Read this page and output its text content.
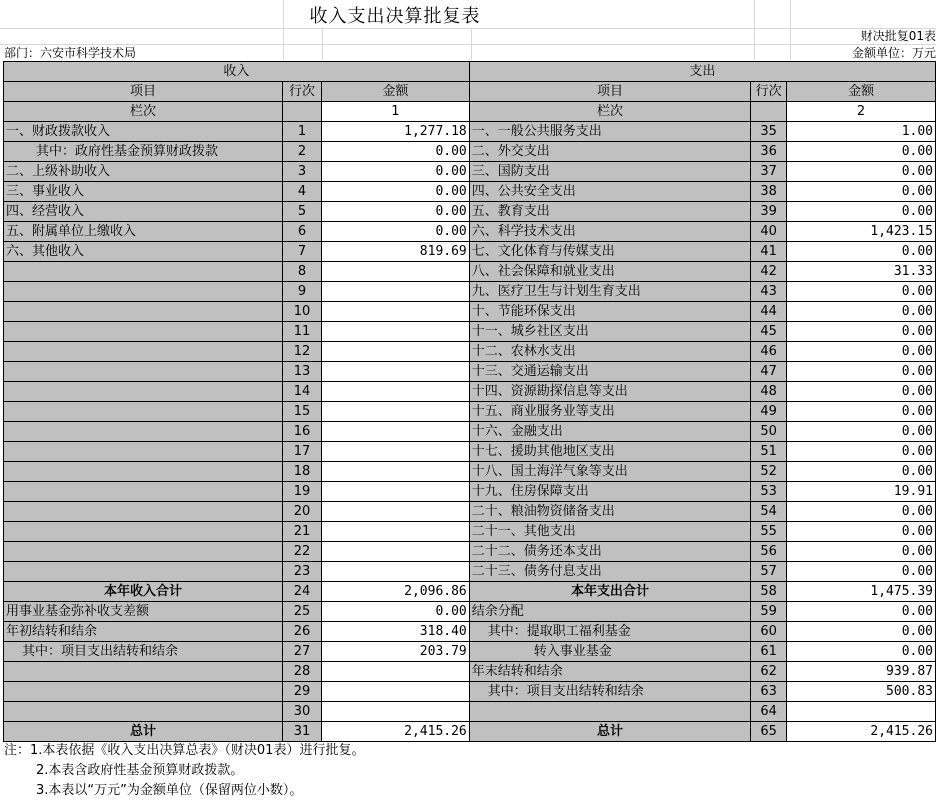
收入支出决算批复表
财决批复01表
部门：六安市科学技术局	金额单位：万元
收入			支出		
项目	行次	金额	项目	行次	金额
栏次		1	栏次		2
一、财政拨款收入	1	1,277.18	一、一般公共服务支出	35	1.00
其中：政府性基金预算财政拨款	2	0.00	二、外交支出	36	0.00
二、上级补助收入	3	0.00	三、国防支出	37	0.00
三、事业收入	4	0.00	四、公共安全支出	38	0.00
四、经营收入	5	0.00	五、教育支出	39	0.00
五、附属单位上缴收入	6	0.00	六、科学技术支出	40	1,423.15
六、其他收入	7	819.69	七、文化体育与传媒支出	41	0.00
	8		八、社会保障和就业支出	42	31.33
	9		九、医疗卫生与计划生育支出	43	0.00
	10		十、节能环保支出	44	0.00
	11		十一、城乡社区支出	45	0.00
	12		十二、农林水支出	46	0.00
	13		十三、交通运输支出	47	0.00
	14		十四、资源勘探信息等支出	48	0.00
	15		十五、商业服务业等支出	49	0.00
	16		十六、金融支出	50	0.00
	17		十七、援助其他地区支出	51	0.00
	18		十八、国土海洋气象等支出	52	0.00
	19		十九、住房保障支出	53	19.91
	20		二十、粮油物资储备支出	54	0.00
	21		二十一、其他支出	55	0.00
	22		二十二、债务还本支出	56	0.00
	23		二十三、债务付息支出	57	0.00
本年收入合计	24	2,096.86	本年支出合计	58	1,475.39
用事业基金弥补收支差额	25	0.00	结余分配	59	0.00
年初结转和结余	26	318.40	其中：提取职工福利基金	60	0.00
其中：项目支出结转和结余	27	203.79	转入事业基金	61	0.00
	28		年末结转和结余	62	939.87
	29		其中：项目支出结转和结余	63	500.83
	30			64	
总计	31	2,415.26	总计	65	2,415.26
注：1.本表依据《收入支出决算总表》（财决01表）进行批复。
2.本表含政府性基金预算财政拨款。
3.本表以“万元”为金额单位（保留两位小数）。
